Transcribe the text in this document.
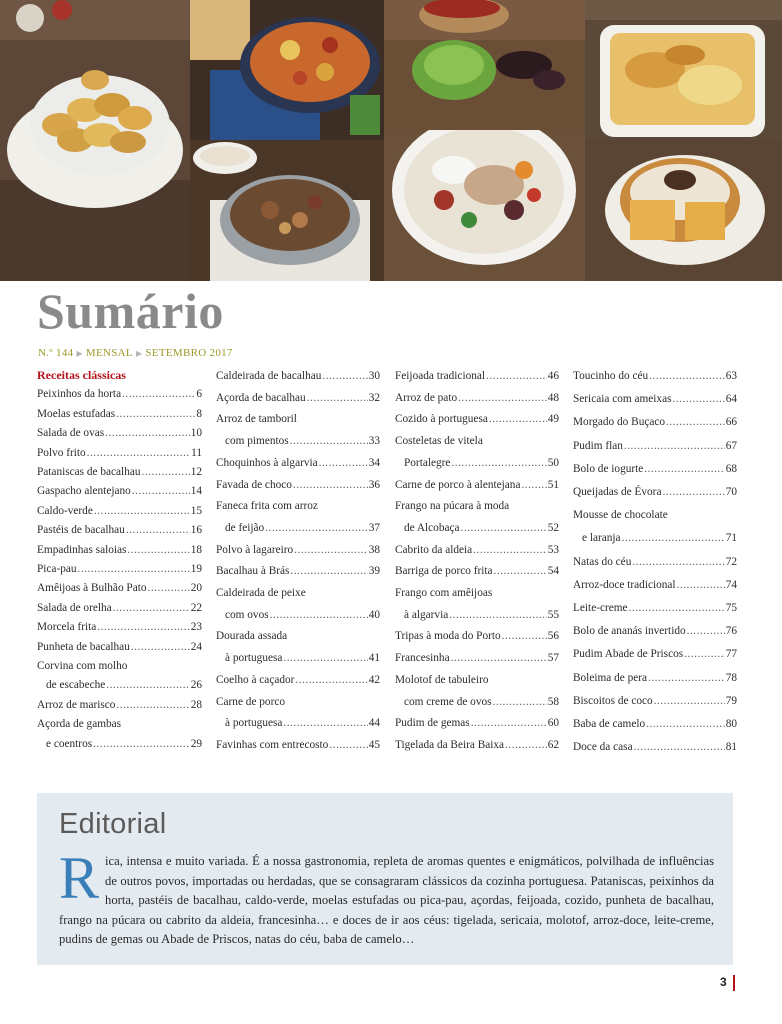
Sumário
N.º 144 ▶ MENSAL ▶ SETEMBRO 2017
Receitas clássicas
Peixinhos da horta .....	6
Moelas estufadas .....	8
Salada de ovas .....	10
Polvo frito .....	11
Pataniscas de bacalhau .....	12
Gaspacho alentejano .....	14
Caldo-verde .....	15
Pastéis de bacalhau .....	16
Empadinhas saloias .....	18
Pica-pau .....	19
Amêijoas à Bulhão Pato .....	20
Salada de orelha .....	22
Morcela frita .....	23
Punheta de bacalhau .....	24
Corvina com molho
de escabeche .....	26
Arroz de marisco .....	28
Açorda de gambas
e coentros .....	29
Caldeirada de bacalhau .....	30
Açorda de bacalhau .....	32
Arroz de tamboril
com pimentos .....	33
Choquinhos à algarvia .....	34
Favada de choco .....	36
Faneca frita com arroz
de feijão .....	37
Polvo à lagareiro .....	38
Bacalhau à Brás .....	39
Caldeirada de peixe
com ovos .....	40
Dourada assada
à portuguesa .....	41
Coelho à caçador .....	42
Carne de porco
à portuguesa .....	44
Favinhas com entrecosto .....	45
Feijoada tradicional .....	46
Arroz de pato .....	48
Cozido à portuguesa .....	49
Costeletas de vitela
Portalegre .....	50
Carne de porco à alentejana ..... 51
Frango na púcara à moda
de Alcobaça .....	52
Cabrito da aldeia .....	53
Barriga de porco frita .....	54
Frango com amêijoas
à algarvia .....	55
Tripas à moda do Porto .....	56
Francesinha .....	57
Molotof de tabuleiro
com creme de ovos .....	58
Pudim de gemas .....	60
Tigelada da Beira Baixa .....	62
Toucinho do céu .....	63
Sericaia com ameixas .....	64
Morgado do Buçaco .....	66
Pudim flan .....	67
Bolo de iogurte .....	68
Queijadas de Évora .....	70
Mousse de chocolate
e laranja .....	71
Natas do céu .....	72
Arroz-doce tradicional .....	74
Leite-creme .....	75
Bolo de ananás invertido .....	76
Pudim Abade de Priscos .....	77
Boleima de pera .....	78
Biscoitos de coco .....	79
Baba de camelo .....	80
Doce da casa .....	81
Editorial
Rica, intensa e muito variada. É a nossa gastronomia, repleta de aromas quentes e enigmáticos, polvilhada de influências de outros povos, importadas ou herdadas, que se consagraram clássicos da cozinha portuguesa. Pataniscas, peixinhos da horta, pastéis de bacalhau, caldo-verde, moelas estufadas ou pica-pau, açordas, feijoada, cozido, punheta de bacalhau, frango na púcara ou cabrito da aldeia, francesinha… e doces de ir aos céus: tigelada, sericaia, molotof, arroz-doce, leite-creme, pudins de gemas ou Abade de Priscos, natas do céu, baba de camelo…
3
